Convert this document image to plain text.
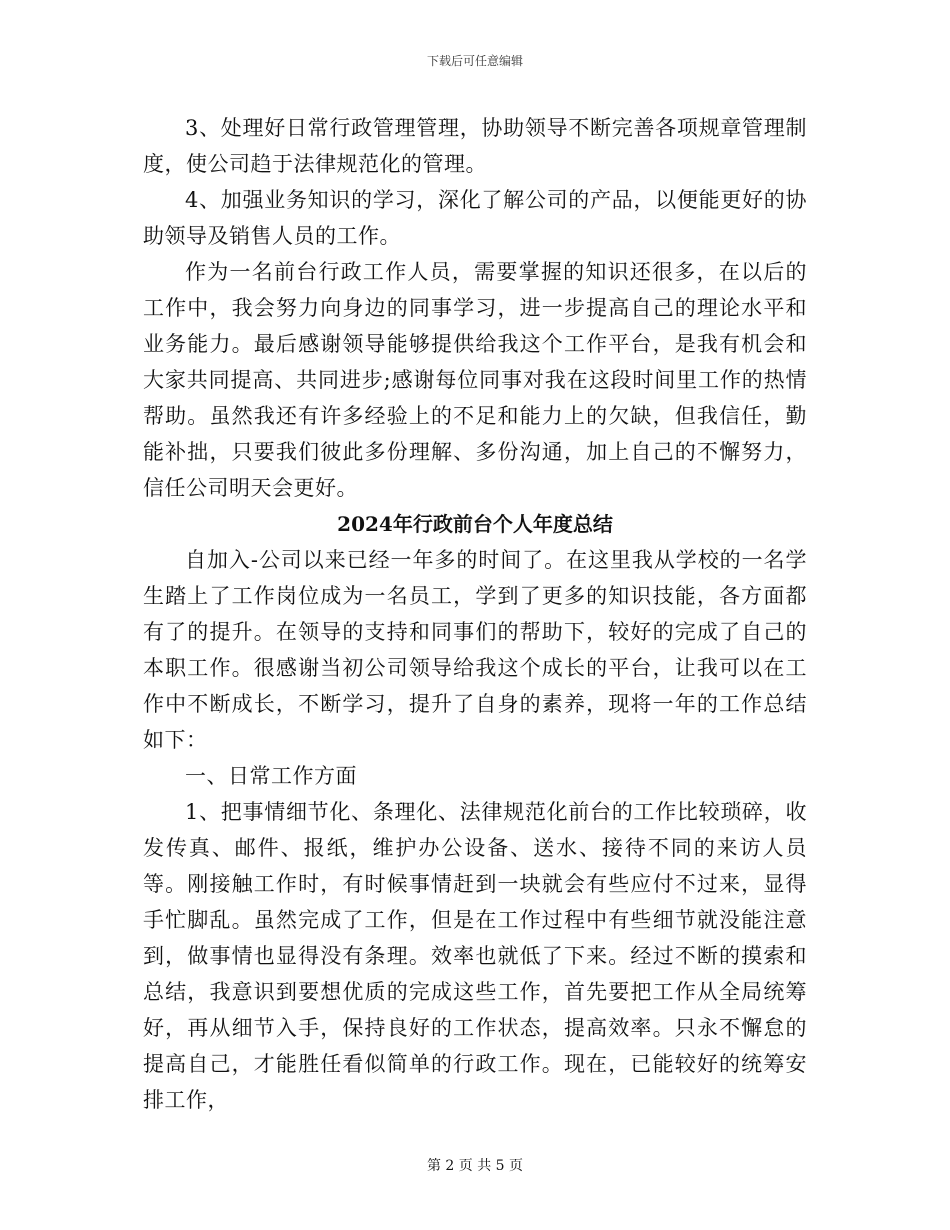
下载后可任意编辑

3、处理好日常行政管理管理，协助领导不断完善各项规章管理制度，使公司趋于法律规范化的管理。

4、加强业务知识的学习，深化了解公司的产品，以便能更好的协助领导及销售人员的工作。

作为一名前台行政工作人员，需要掌握的知识还很多，在以后的工作中，我会努力向身边的同事学习，进一步提高自己的理论水平和业务能力。最后感谢领导能够提供给我这个工作平台，是我有机会和大家共同提高、共同进步;感谢每位同事对我在这段时间里工作的热情帮助。虽然我还有许多经验上的不足和能力上的欠缺，但我信任，勤能补拙，只要我们彼此多份理解、多份沟通，加上自己的不懈努力，信任公司明天会更好。

2024年行政前台个人年度总结

自加入-公司以来已经一年多的时间了。在这里我从学校的一名学生踏上了工作岗位成为一名员工，学到了更多的知识技能，各方面都有了的提升。在领导的支持和同事们的帮助下，较好的完成了自己的本职工作。很感谢当初公司领导给我这个成长的平台，让我可以在工作中不断成长，不断学习，提升了自身的素养，现将一年的工作总结如下：

一、日常工作方面

1、把事情细节化、条理化、法律规范化前台的工作比较琐碎，收发传真、邮件、报纸，维护办公设备、送水、接待不同的来访人员等。刚接触工作时，有时候事情赶到一块就会有些应付不过来，显得手忙脚乱。虽然完成了工作，但是在工作过程中有些细节就没能注意到，做事情也显得没有条理。效率也就低了下来。经过不断的摸索和总结，我意识到要想优质的完成这些工作，首先要把工作从全局统筹好，再从细节入手，保持良好的工作状态，提高效率。只永不懈怠的提高自己，才能胜任看似简单的行政工作。现在，已能较好的统筹安排工作，

第 2 页 共 5 页
